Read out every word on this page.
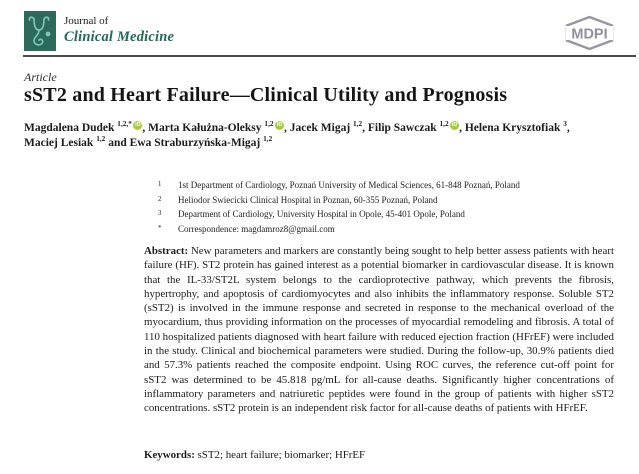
Journal of
Clinical Medicine	MDPI
Article
sST2 and Heart Failure—Clinical Utility and Prognosis
Magdalena Dudek $^{1,2,*}$ iD , Marta Kałużna-Oleksy $^{1,2}$ iD , Jacek Migaj $^{1,2}$, Filip Sawczak $^{1,2}$ iD , Helena Krysztofiak $^3$,
Maciej Lesiak $^{1,2}$ and Ewa Straburzyńska-Migaj $^{1,2}$
1 1st Department of Cardiology, Poznań University of Medical Sciences, 61-848 Poznań, Poland
2 Heliodor Swiecicki Clinical Hospital in Poznan, 60-355 Poznań, Poland
3 Department of Cardiology, University Hospital in Opole, 45-401 Opole, Poland
* Correspondence: magdamroz8@gmail.com

Abstract: New parameters and markers are constantly being sought to help better assess patients with heart failure (HF). ST2 protein has gained interest as a potential biomarker in cardiovascular disease. It is known that the IL-33/ST2L system belongs to the cardioprotective pathway, which prevents the fibrosis, hypertrophy, and apoptosis of cardiomyocytes and also inhibits the inflammatory response. Soluble ST2 (sST2) is involved in the immune response and secreted in response to the mechanical overload of the myocardium, thus providing information on the processes of myocardial remodeling and fibrosis. A total of 110 hospitalized patients diagnosed with heart failure with reduced ejection fraction (HFrEF) were included in the study. Clinical and biochemical parameters were studied. During the follow-up, 30.9% patients died and 57.3% patients reached the composite endpoint. Using ROC curves, the reference cut-off point for sST2 was determined to be 45.818 pg/mL for all-cause deaths. Significantly higher concentrations of inflammatory parameters and natriuretic peptides were found in the group of patients with higher sST2 concentrations. sST2 protein is an independent risk factor for all-cause deaths of patients with HFrEF.

Keywords: sST2; heart failure; biomarker; HFrEF
